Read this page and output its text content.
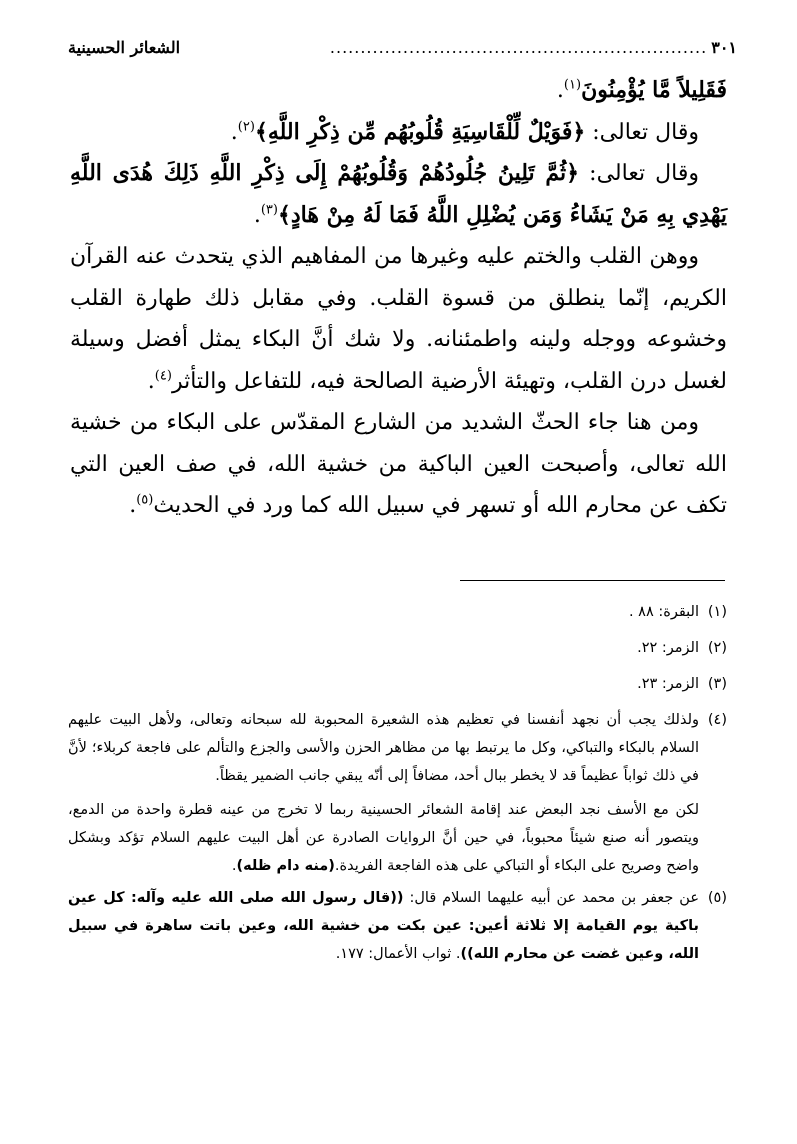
٣٠١
..............................................................
الشعائر الحسينية

فَقَلِيلاً مَّا يُؤْمِنُونَ$^{(١)}$.

وقال تعالى: ﴿فَوَيْلٌ لِّلْقَاسِيَةِ قُلُوبُهُم مِّن ذِكْرِ اللَّهِ﴾$^{(٢)}$.

وقال تعالى: ﴿ثُمَّ تَلِينُ جُلُودُهُمْ وَقُلُوبُهُمْ إِلَى ذِكْرِ اللَّهِ ذَلِكَ هُدَى اللَّهِ يَهْدِي بِهِ مَنْ يَشَاءُ وَمَن يُضْلِلِ اللَّهُ فَمَا لَهُ مِنْ هَادٍ﴾$^{(٣)}$.

ووهن القلب والختم عليه وغيرها من المفاهيم الذي يتحدث عنه القرآن الكريم، إنّما ينطلق من قسوة القلب. وفي مقابل ذلك طهارة القلب وخشوعه ووجله ولينه واطمئنانه. ولا شك أنَّ البكاء يمثل أفضل وسيلة لغسل درن القلب، وتهيئة الأرضية الصالحة فيه، للتفاعل والتأثر$^{(٤)}$.

ومن هنا جاء الحثّ الشديد من الشارع المقدّس على البكاء من خشية الله تعالى، وأصبحت العين الباكية من خشية الله، في صف العين التي تكف عن محارم الله أو تسهر في سبيل الله كما ورد في الحديث$^{(٥)}$.

(١)
البقرة: ٨٨ .
(٢)
الزمر: ٢٢.
(٣)
الزمر: ٢٣.
(٤)
ولذلك يجب أن نجهد أنفسنا في تعظيم هذه الشعيرة المحبوبة لله سبحانه وتعالى، ولأهل البيت عليهم السلام بالبكاء والتباكي، وكل ما يرتبط بها من مظاهر الحزن والأسى والجزع والتألم على فاجعة كربلاء؛ لأنَّ في ذلك ثواباً عظيماً قد لا يخطر ببال أحد، مضافاً إلى أنّه يبقي جانب الضمير يقظاً.
لكن مع الأسف نجد البعض عند إقامة الشعائر الحسينية ربما لا تخرج من عينه قطرة واحدة من الدمع، ويتصور أنه صنع شيئاً محبوباً، في حين أنَّ الروايات الصادرة عن أهل البيت عليهم السلام تؤكد وبشكل واضح وصريح على البكاء أو التباكي على هذه الفاجعة الفريدة.(منه دام ظله).
(٥)
عن جعفر بن محمد عن أبيه عليهما السلام قال: ((قال رسول الله صلى الله عليه وآله: كل عين باكية يوم القيامة إلا ثلاثة أعين: عين بكت من خشية الله، وعين باتت ساهرة في سبيل الله، وعين غضت عن محارم الله)). ثواب الأعمال: ١٧٧.
